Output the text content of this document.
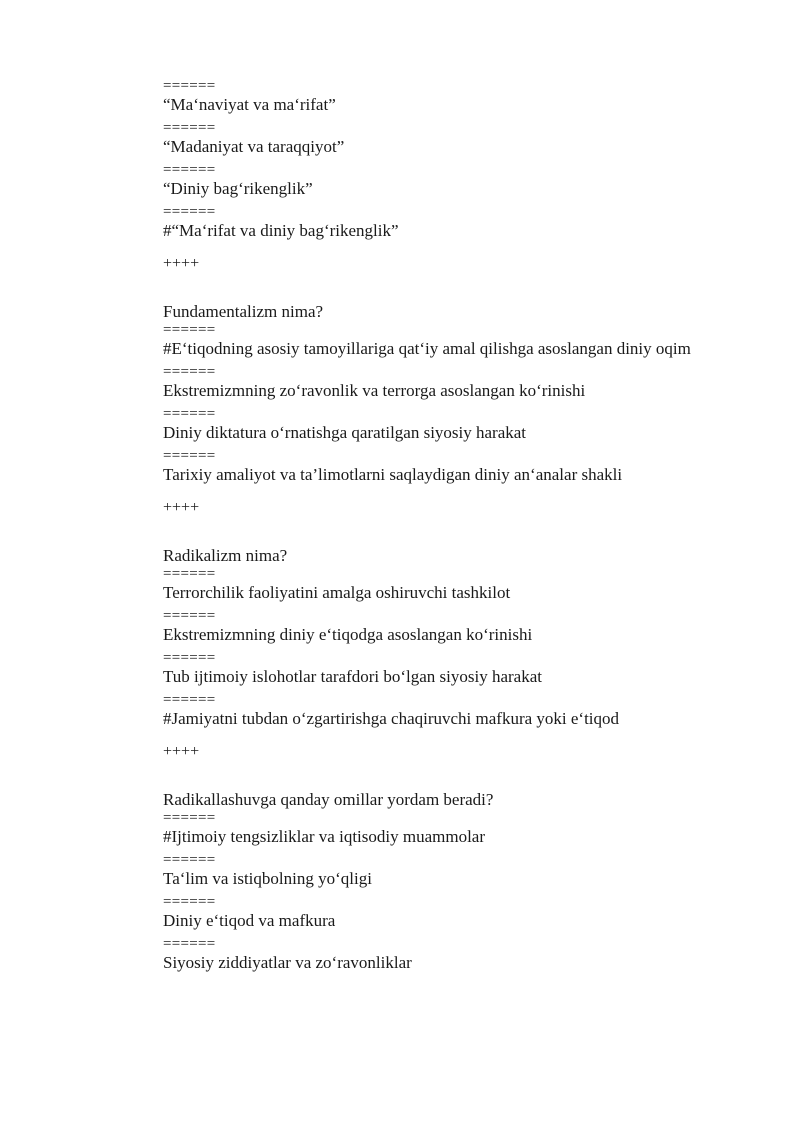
======
“Ma‘naviyat va ma‘rifat”
======
“Madaniyat va taraqqiyot”
======
“Diniy bag‘rikenglik”
======
#“Ma‘rifat va diniy bag‘rikenglik”
++++
Fundamentalizm nima?
======
#E‘tiqodning asosiy tamoyillariga qat‘iy amal qilishga asoslangan diniy oqim
======
Ekstremizmning zo‘ravonlik va terrorga asoslangan ko‘rinishi
======
Diniy diktatura o‘rnatishga qaratilgan siyosiy harakat
======
Tarixiy amaliyot va ta’limotlarni saqlaydigan diniy an‘analar shakli
++++
Radikalizm nima?
======
Terrorchilik faoliyatini amalga oshiruvchi tashkilot
======
Ekstremizmning diniy e‘tiqodga asoslangan ko‘rinishi
======
Tub ijtimoiy islohotlar tarafdori bo‘lgan siyosiy harakat
======
#Jamiyatni tubdan o‘zgartirishga chaqiruvchi mafkura yoki e‘tiqod
++++
Radikallashuvga qanday omillar yordam beradi?
======
#Ijtimoiy tengsizliklar va iqtisodiy muammolar
======
Ta‘lim va istiqbolning yo‘qligi
======
Diniy e‘tiqod va mafkura
======
Siyosiy ziddiyatlar va zo‘ravonliklar
